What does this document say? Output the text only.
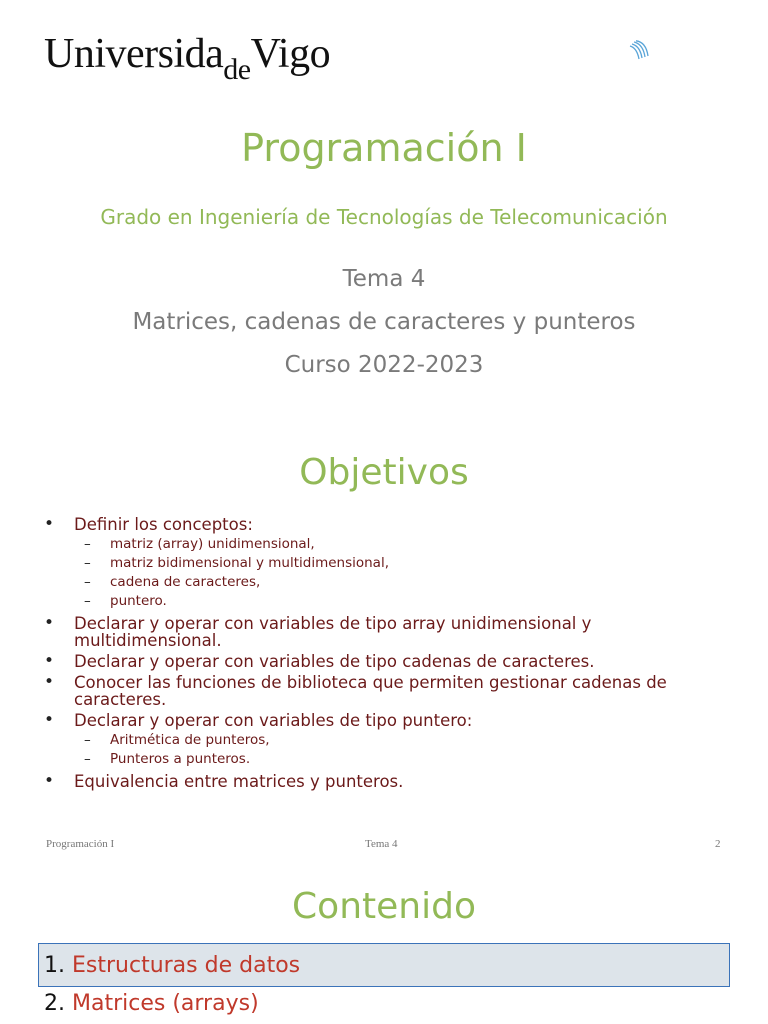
UniversidadeVigo
Programación I
Grado en Ingeniería de Tecnologías de Telecomunicación
Tema 4
Matrices, cadenas de caracteres y punteros
Curso 2022-2023
Objetivos
• Definir los conceptos:
– matriz (array) unidimensional,
– matriz bidimensional y multidimensional,
– cadena de caracteres,
– puntero.
• Declarar y operar con variables de tipo array unidimensional y multidimensional.
• Declarar y operar con variables de tipo cadenas de caracteres.
• Conocer las funciones de biblioteca que permiten gestionar cadenas de caracteres.
• Declarar y operar con variables de tipo puntero:
– Aritmética de punteros,
– Punteros a punteros.
• Equivalencia entre matrices y punteros.
Programación I	Tema 4	2
Contenido
1. Estructuras de datos
2. Matrices (arrays)
